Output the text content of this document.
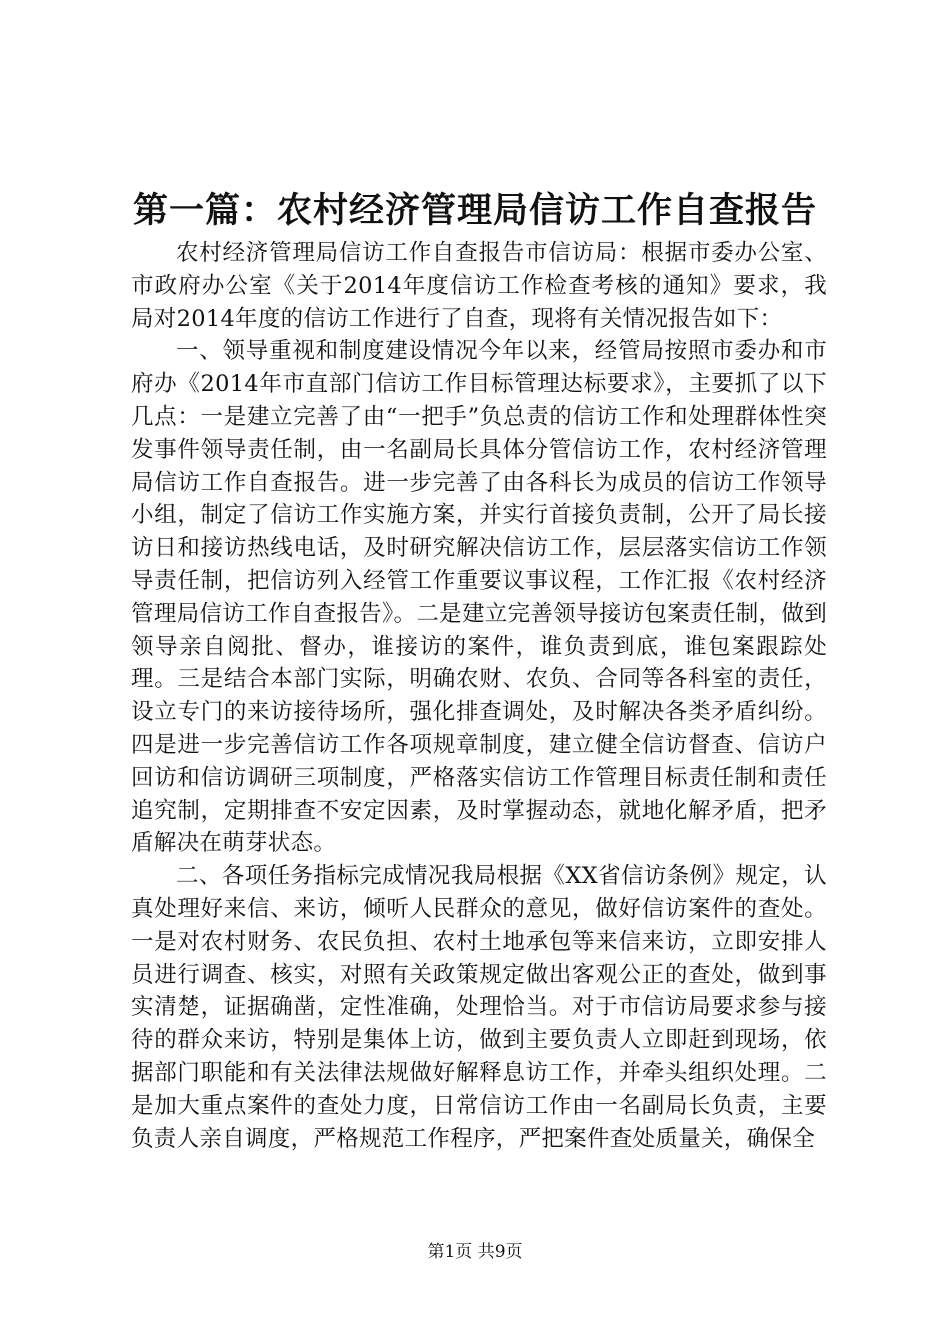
第一篇：农村经济管理局信访工作自查报告

农村经济管理局信访工作自查报告市信访局：根据市委办公室、市政府办公室《关于2014年度信访工作检查考核的通知》要求，我局对2014年度的信访工作进行了自查，现将有关情况报告如下：

一、领导重视和制度建设情况今年以来，经管局按照市委办和市府办《2014年市直部门信访工作目标管理达标要求》，主要抓了以下几点：一是建立完善了由“一把手”负总责的信访工作和处理群体性突发事件领导责任制，由一名副局长具体分管信访工作，农村经济管理局信访工作自查报告。进一步完善了由各科长为成员的信访工作领导小组，制定了信访工作实施方案，并实行首接负责制，公开了局长接访日和接访热线电话，及时研究解决信访工作，层层落实信访工作领导责任制，把信访列入经管工作重要议事议程，工作汇报《农村经济管理局信访工作自查报告》。二是建立完善领导接访包案责任制，做到领导亲自阅批、督办，谁接访的案件，谁负责到底，谁包案跟踪处理。三是结合本部门实际，明确农财、农负、合同等各科室的责任，设立专门的来访接待场所，强化排查调处，及时解决各类矛盾纠纷。四是进一步完善信访工作各项规章制度，建立健全信访督查、信访户回访和信访调研三项制度，严格落实信访工作管理目标责任制和责任追究制，定期排查不安定因素，及时掌握动态，就地化解矛盾，把矛盾解决在萌芽状态。

二、各项任务指标完成情况我局根据《XX省信访条例》规定，认真处理好来信、来访，倾听人民群众的意见，做好信访案件的查处。一是对农村财务、农民负担、农村土地承包等来信来访，立即安排人员进行调查、核实，对照有关政策规定做出客观公正的查处，做到事实清楚，证据确凿，定性准确，处理恰当。对于市信访局要求参与接待的群众来访，特别是集体上访，做到主要负责人立即赶到现场，依据部门职能和有关法律法规做好解释息访工作，并牵头组织处理。二是加大重点案件的查处力度，日常信访工作由一名副局长负责，主要负责人亲自调度，严格规范工作程序，严把案件查处质量关，确保全

第1页 共9页
